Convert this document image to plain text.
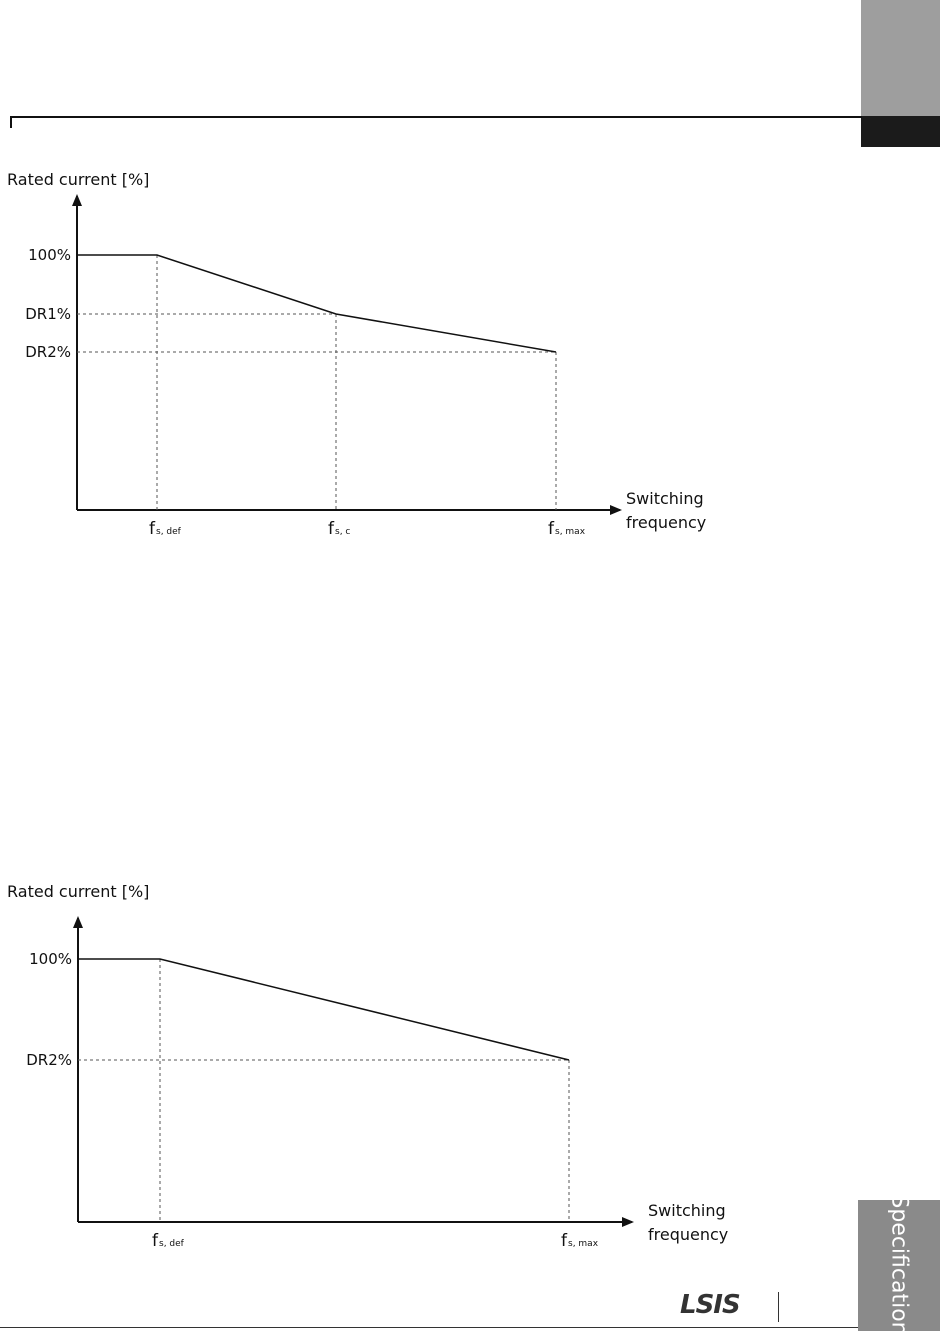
Rated current [%]
Switching frequency
100%
DR1%
DR2%
fs, def	fs, c	fs, max
Rated current [%]
Switching frequency
100%
DR2%
fs, def	fs, max	Specification
LSIS
